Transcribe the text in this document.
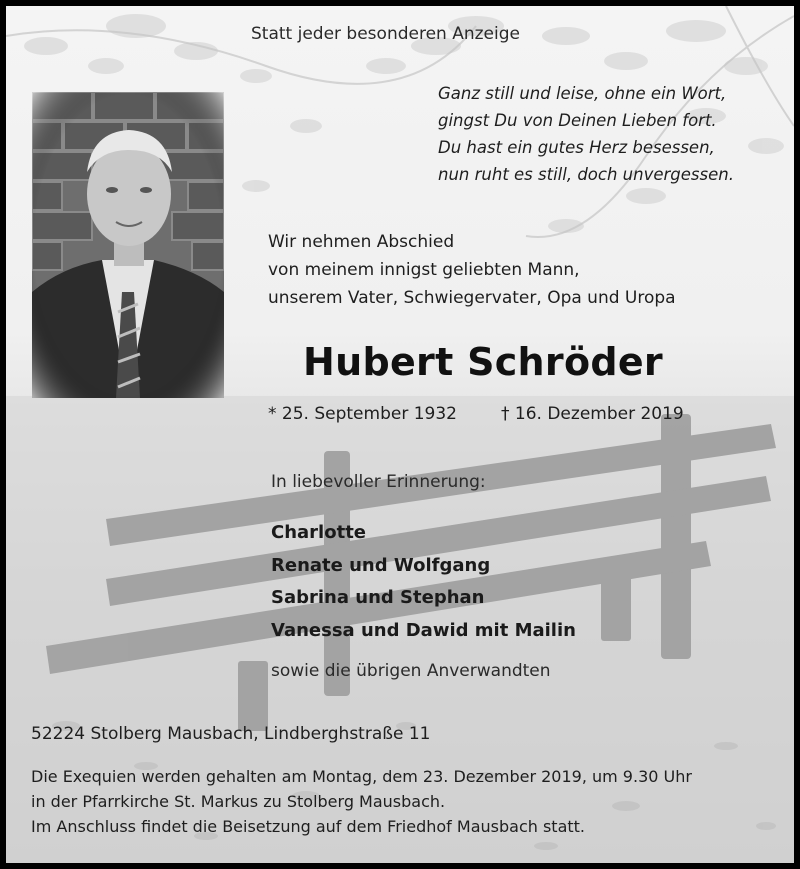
Statt jeder besonderen Anzeige
Ganz still und leise, ohne ein Wort,
gingst Du von Deinen Lieben fort.
Du hast ein gutes Herz besessen,
nun ruht es still, doch unvergessen.
Wir nehmen Abschied
von meinem innigst geliebten Mann,
unserem Vater, Schwiegervater, Opa und Uropa
Hubert Schröder
* 25. September 1932	† 16. Dezember 2019
In liebevoller Erinnerung:
Charlotte
Renate und Wolfgang
Sabrina und Stephan
Vanessa und Dawid mit Mailin
sowie die übrigen Anverwandten
52224 Stolberg Mausbach, Lindberghstraße 11
Die Exequien werden gehalten am Montag, dem 23. Dezember 2019, um 9.30 Uhr
in der Pfarrkirche St. Markus zu Stolberg Mausbach.
Im Anschluss findet die Beisetzung auf dem Friedhof Mausbach statt.
